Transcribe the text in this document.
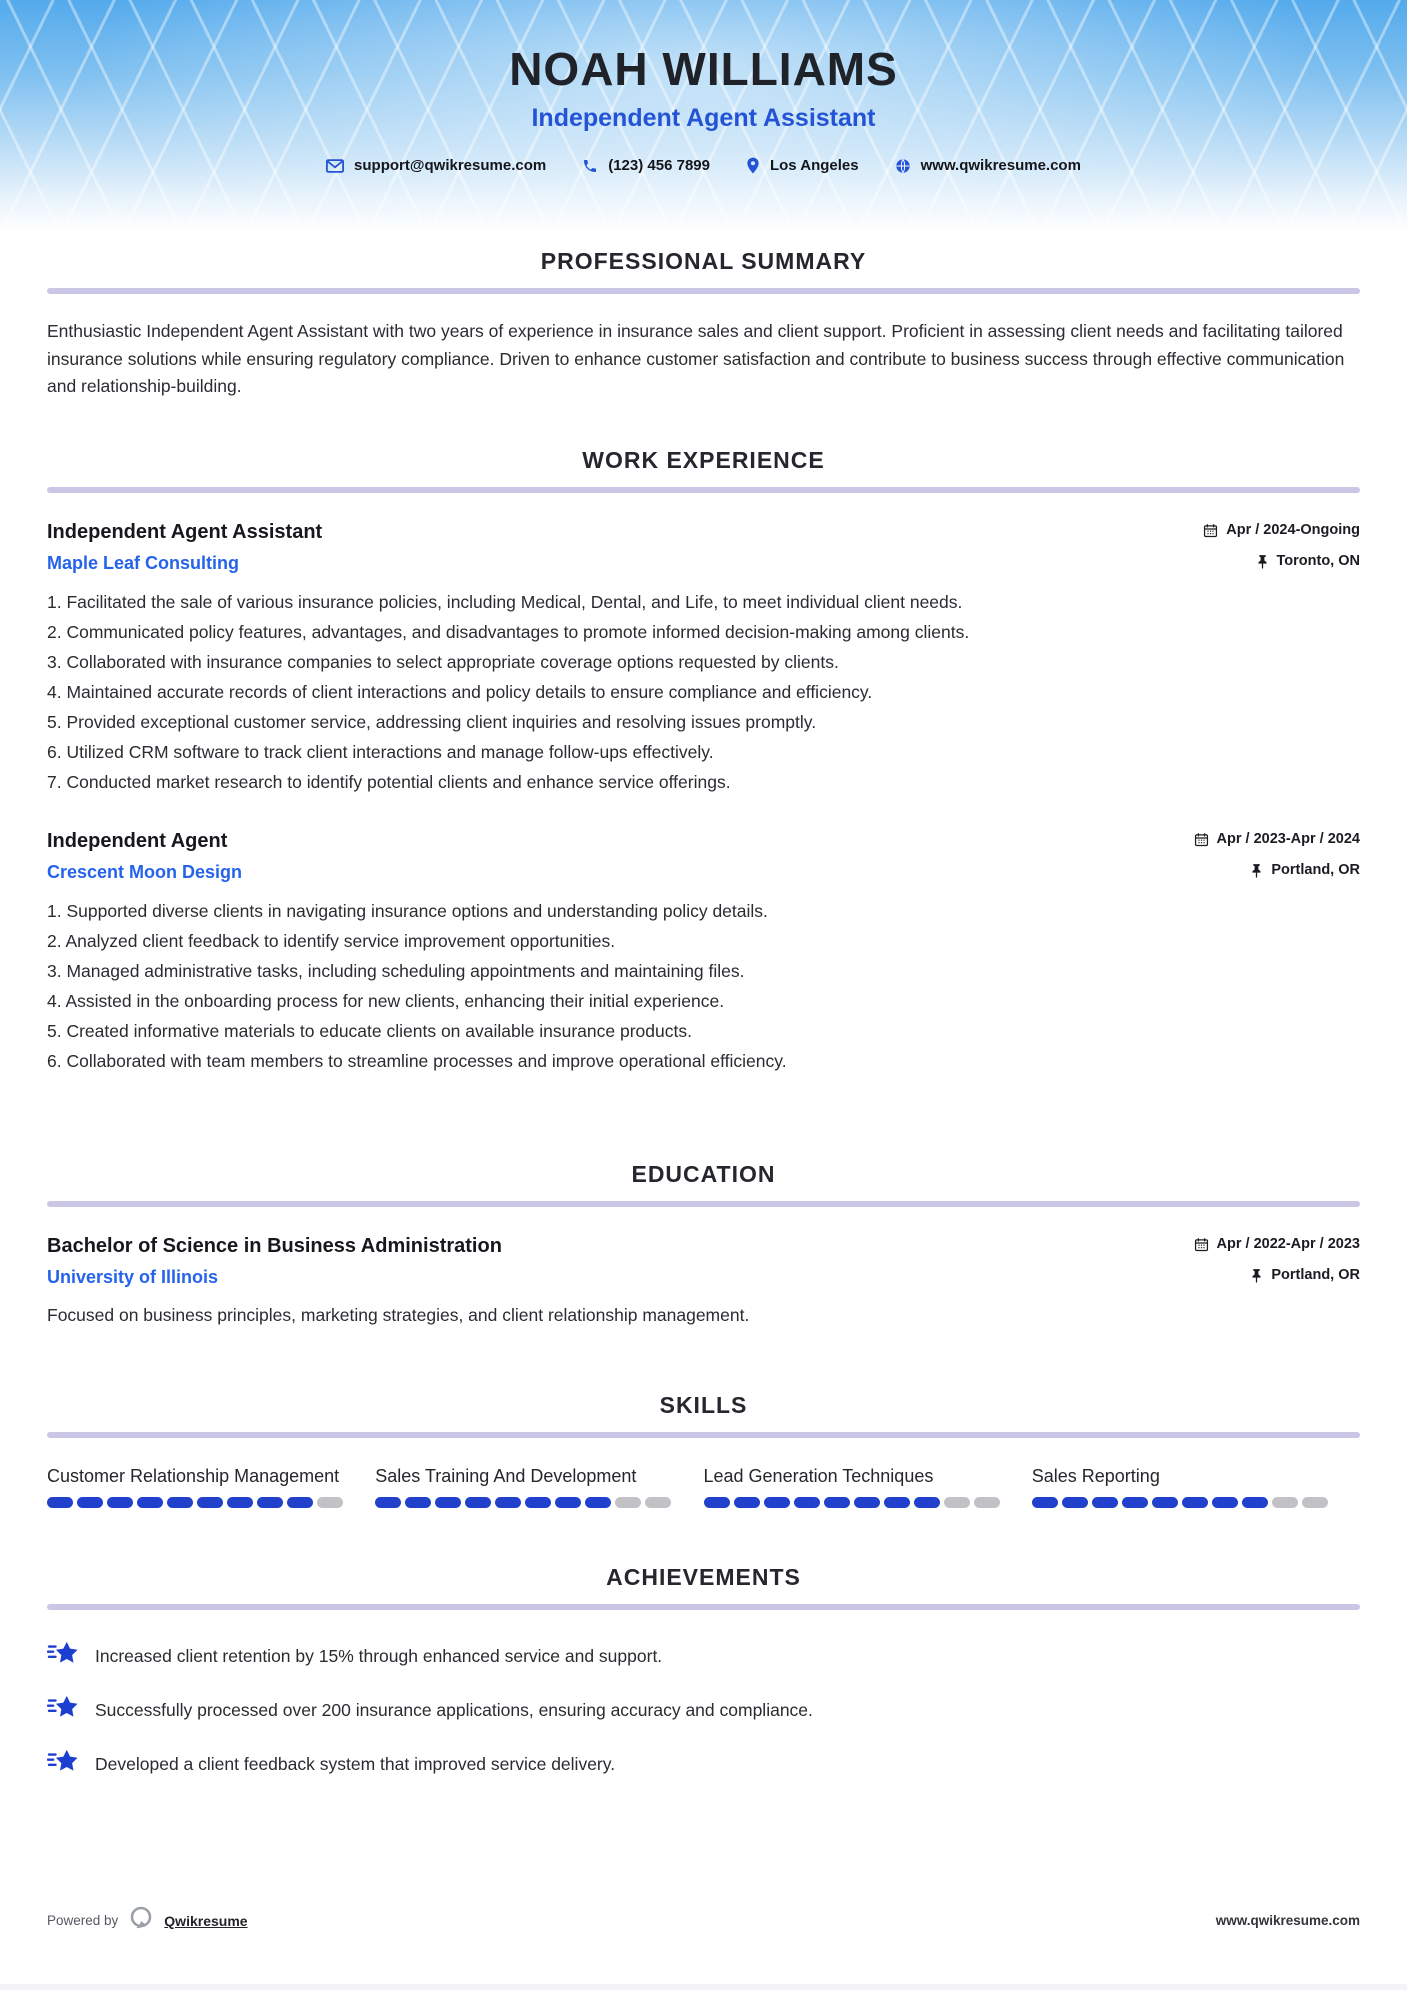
NOAH WILLIAMS
Independent Agent Assistant
support@qwikresume.com	(123) 456 7899	Los Angeles	www.qwikresume.com
PROFESSIONAL SUMMARY

Enthusiastic Independent Agent Assistant with two years of experience in insurance sales and client support. Proficient in assessing client needs and facilitating tailored insurance solutions while ensuring regulatory compliance. Driven to enhance customer satisfaction and contribute to business success through effective communication and relationship-building.

WORK EXPERIENCE
Independent Agent Assistant	Apr / 2024-Ongoing
Maple Leaf Consulting	Toronto, ON
Facilitated the sale of various insurance policies, including Medical, Dental, and Life, to meet individual client needs.
Communicated policy features, advantages, and disadvantages to promote informed decision-making among clients.
Collaborated with insurance companies to select appropriate coverage options requested by clients.
Maintained accurate records of client interactions and policy details to ensure compliance and efficiency.
Provided exceptional customer service, addressing client inquiries and resolving issues promptly.
Utilized CRM software to track client interactions and manage follow-ups effectively.
Conducted market research to identify potential clients and enhance service offerings.
Independent Agent	Apr / 2023-Apr / 2024
Crescent Moon Design	Portland, OR
Supported diverse clients in navigating insurance options and understanding policy details.
Analyzed client feedback to identify service improvement opportunities.
Managed administrative tasks, including scheduling appointments and maintaining files.
Assisted in the onboarding process for new clients, enhancing their initial experience.
Created informative materials to educate clients on available insurance products.
Collaborated with team members to streamline processes and improve operational efficiency.
EDUCATION
Bachelor of Science in Business Administration	Apr / 2022-Apr / 2023
University of Illinois	Portland, OR

Focused on business principles, marketing strategies, and client relationship management.

SKILLS
Customer Relationship Management	Sales Training And Development	Lead Generation Techniques	Sales Reporting
ACHIEVEMENTS
Increased client retention by 15% through enhanced service and support.
Successfully processed over 200 insurance applications, ensuring accuracy and compliance.
Developed a client feedback system that improved service delivery.
Powered by	Qwikresume	www.qwikresume.com
